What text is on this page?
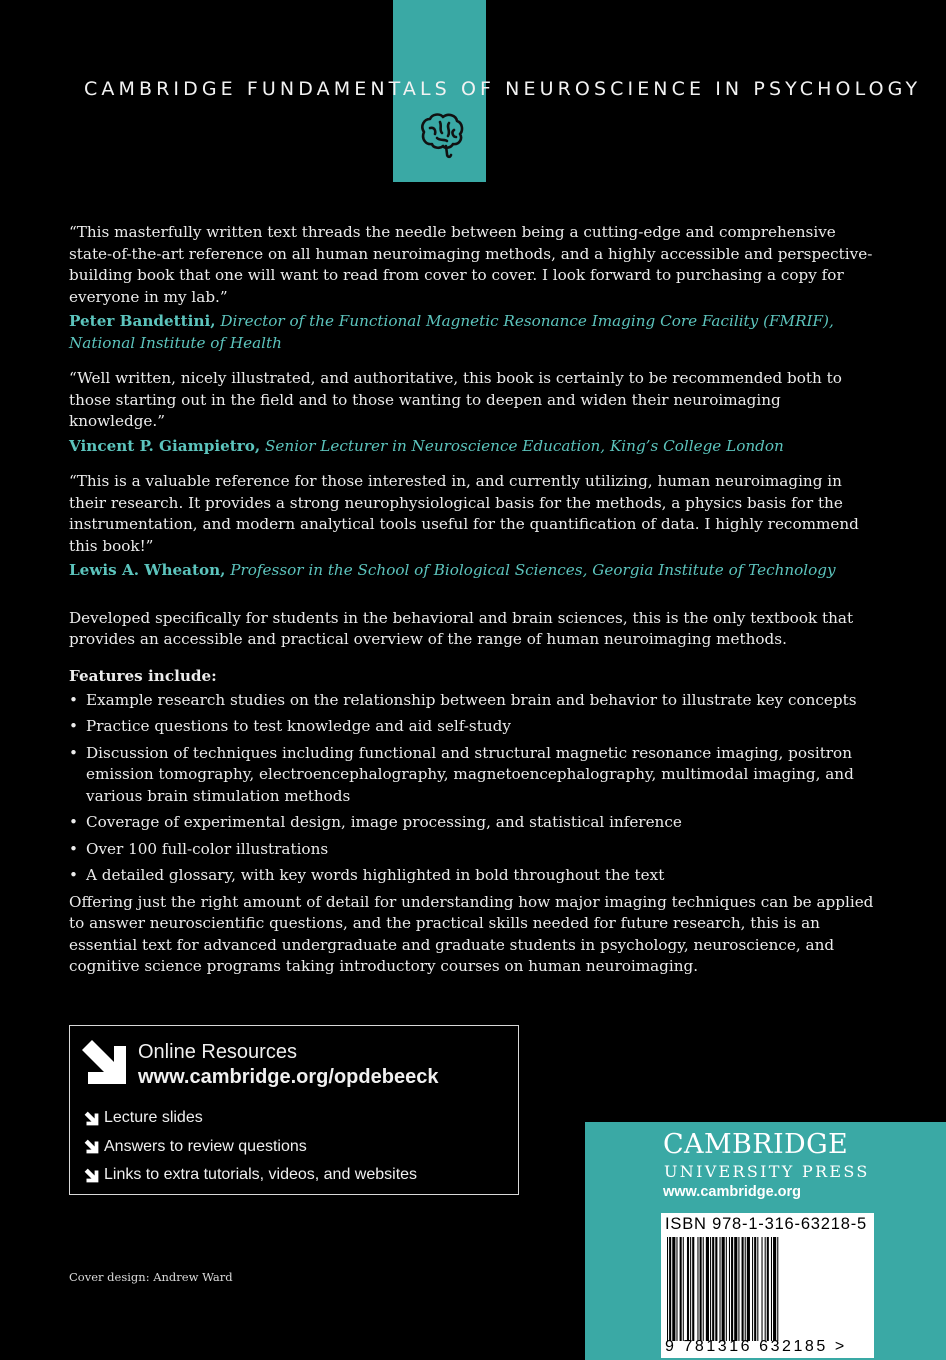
CAMBRIDGE FUNDAMENTALS OF NEUROSCIENCE IN PSYCHOLOGY

“This masterfully written text threads the needle between being a cutting-edge and comprehensive state-of-the-art reference on all human neuroimaging methods, and a highly accessible and perspective-building book that one will want to read from cover to cover. I look forward to purchasing a copy for everyone in my lab.”

Peter Bandettini, Director of the Functional Magnetic Resonance Imaging Core Facility (FMRIF), National Institute of Health

“Well written, nicely illustrated, and authoritative, this book is certainly to be recommended both to those starting out in the field and to those wanting to deepen and widen their neuroimaging knowledge.”

Vincent P. Giampietro, Senior Lecturer in Neuroscience Education, King’s College London

“This is a valuable reference for those interested in, and currently utilizing, human neuroimaging in their research. It provides a strong neurophysiological basis for the methods, a physics basis for the instrumentation, and modern analytical tools useful for the quantification of data. I highly recommend this book!”

Lewis A. Wheaton, Professor in the School of Biological Sciences, Georgia Institute of Technology

Developed specifically for students in the behavioral and brain sciences, this is the only textbook that provides an accessible and practical overview of the range of human neuroimaging methods.

Features include:

• Example research studies on the relationship between brain and behavior to illustrate key concepts
• Practice questions to test knowledge and aid self-study
• Discussion of techniques including functional and structural magnetic resonance imaging, positron emission tomography, electroencephalography, magnetoencephalography, multimodal imaging, and various brain stimulation methods
• Coverage of experimental design, image processing, and statistical inference
• Over 100 full-color illustrations
• A detailed glossary, with key words highlighted in bold throughout the text

Offering just the right amount of detail for understanding how major imaging techniques can be applied to answer neuroscientific questions, and the practical skills needed for future research, this is an essential text for advanced undergraduate and graduate students in psychology, neuroscience, and cognitive science programs taking introductory courses on human neuroimaging.

Online Resources

www.cambridge.org/opdebeeck

Lecture slides
Answers to review questions
Links to extra tutorials, videos, and websites

Cover design: Andrew Ward

CAMBRIDGE

UNIVERSITY PRESS

www.cambridge.org

ISBN 978-1-316-63218-5

9 781316 632185 >
